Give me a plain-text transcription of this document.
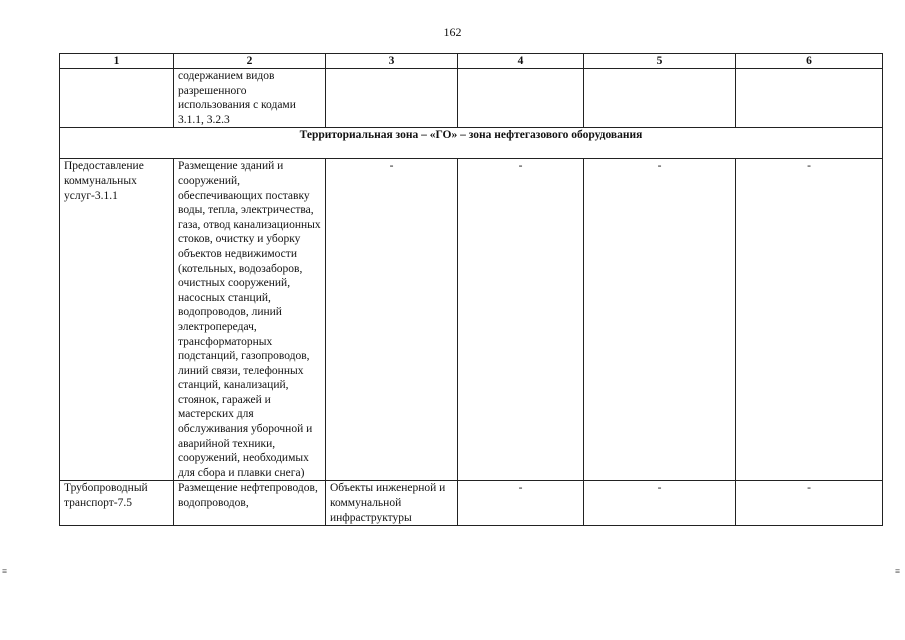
162
1	2	3	4	5	6
	содержанием видов разрешенного использования с кодами 3.1.1, 3.2.3				
Территориальная зона – «ГО» – зона нефтегазового оборудования					
Предоставление коммунальных услуг-3.1.1	Размещение зданий и сооружений, обеспечивающих поставку воды, тепла, электричества, газа, отвод канализационных стоков, очистку и уборку объектов недвижимости (котельных, водозаборов, очистных сооружений, насосных станций, водопроводов, линий электропередач, трансформаторных подстанций, газопроводов, линий связи, телефонных станций, канализаций, стоянок, гаражей и мастерских для обслуживания уборочной и аварийной техники, сооружений, необходимых для сбора и плавки снега)	-	-	-	-
Трубопроводный транспорт-7.5	Размещение нефтепроводов, водопроводов,	Объекты инженерной и коммунальной инфраструктуры	-	-	-
≡	≡
